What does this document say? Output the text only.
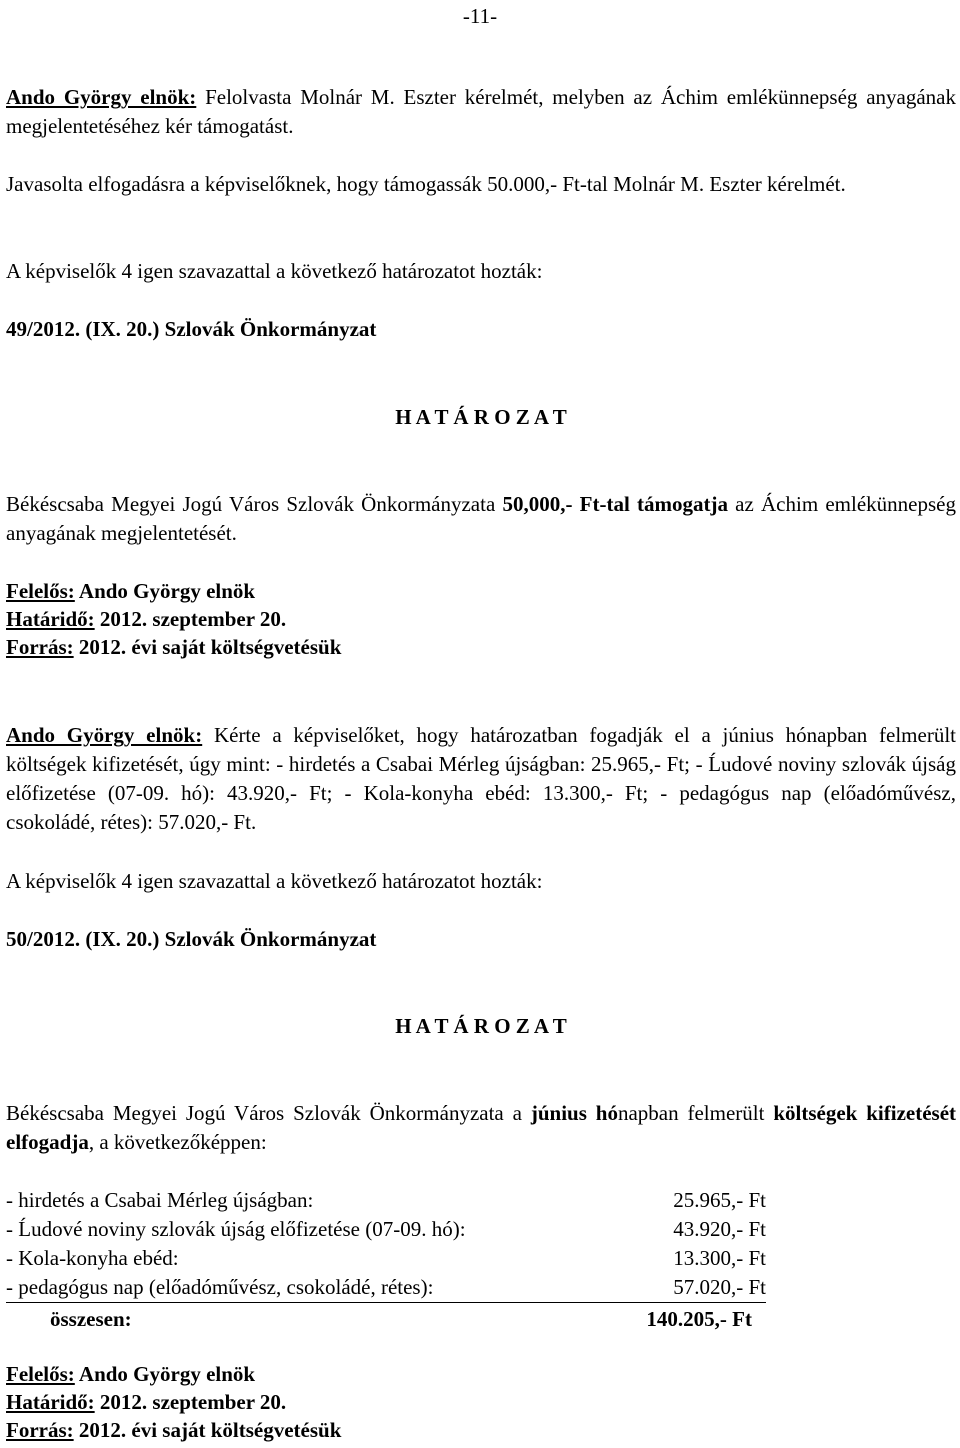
-11-

Ando György elnök: Felolvasta Molnár M. Eszter kérelmét, melyben az Áchim emlékünnepség anyagának megjelentetéséhez kér támogatást.

Javasolta elfogadásra a képviselőknek, hogy támogassák 50.000,- Ft-tal Molnár M. Eszter kérelmét.

A képviselők 4 igen szavazattal a következő határozatot hozták:

49/2012. (IX. 20.) Szlovák Önkormányzat

H A T Á R O Z A T

Békéscsaba Megyei Jogú Város Szlovák Önkormányzata 50,000,- Ft-tal támogatja az Áchim emlékünnepség anyagának megjelentetését.

Felelős: Ando György elnök
Határidő: 2012. szeptember 20.
Forrás: 2012. évi saját költségvetésük

Ando György elnök: Kérte a képviselőket, hogy határozatban fogadják el a június hónapban felmerült költségek kifizetését, úgy mint: - hirdetés a Csabai Mérleg újságban: 25.965,- Ft; - Ĺudové noviny szlovák újság előfizetése (07-09. hó): 43.920,- Ft; - Kola-konyha ebéd: 13.300,- Ft; - pedagógus nap (előadóművész, csokoládé, rétes): 57.020,- Ft.

A képviselők 4 igen szavazattal a következő határozatot hozták:

50/2012. (IX. 20.) Szlovák Önkormányzat

H A T Á R O Z A T

Békéscsaba Megyei Jogú Város Szlovák Önkormányzata a június hónapban felmerült költségek kifizetését elfogadja, a következőképpen:

- hirdetés a Csabai Mérleg újságban:	25.965,- Ft
- Ĺudové noviny szlovák újság előfizetése (07-09. hó):	43.920,- Ft
- Kola-konyha ebéd:	13.300,- Ft
- pedagógus nap (előadóművész, csokoládé, rétes):	57.020,- Ft
összesen:	140.205,- Ft
Felelős: Ando György elnök
Határidő: 2012. szeptember 20.
Forrás: 2012. évi saját költségvetésük
